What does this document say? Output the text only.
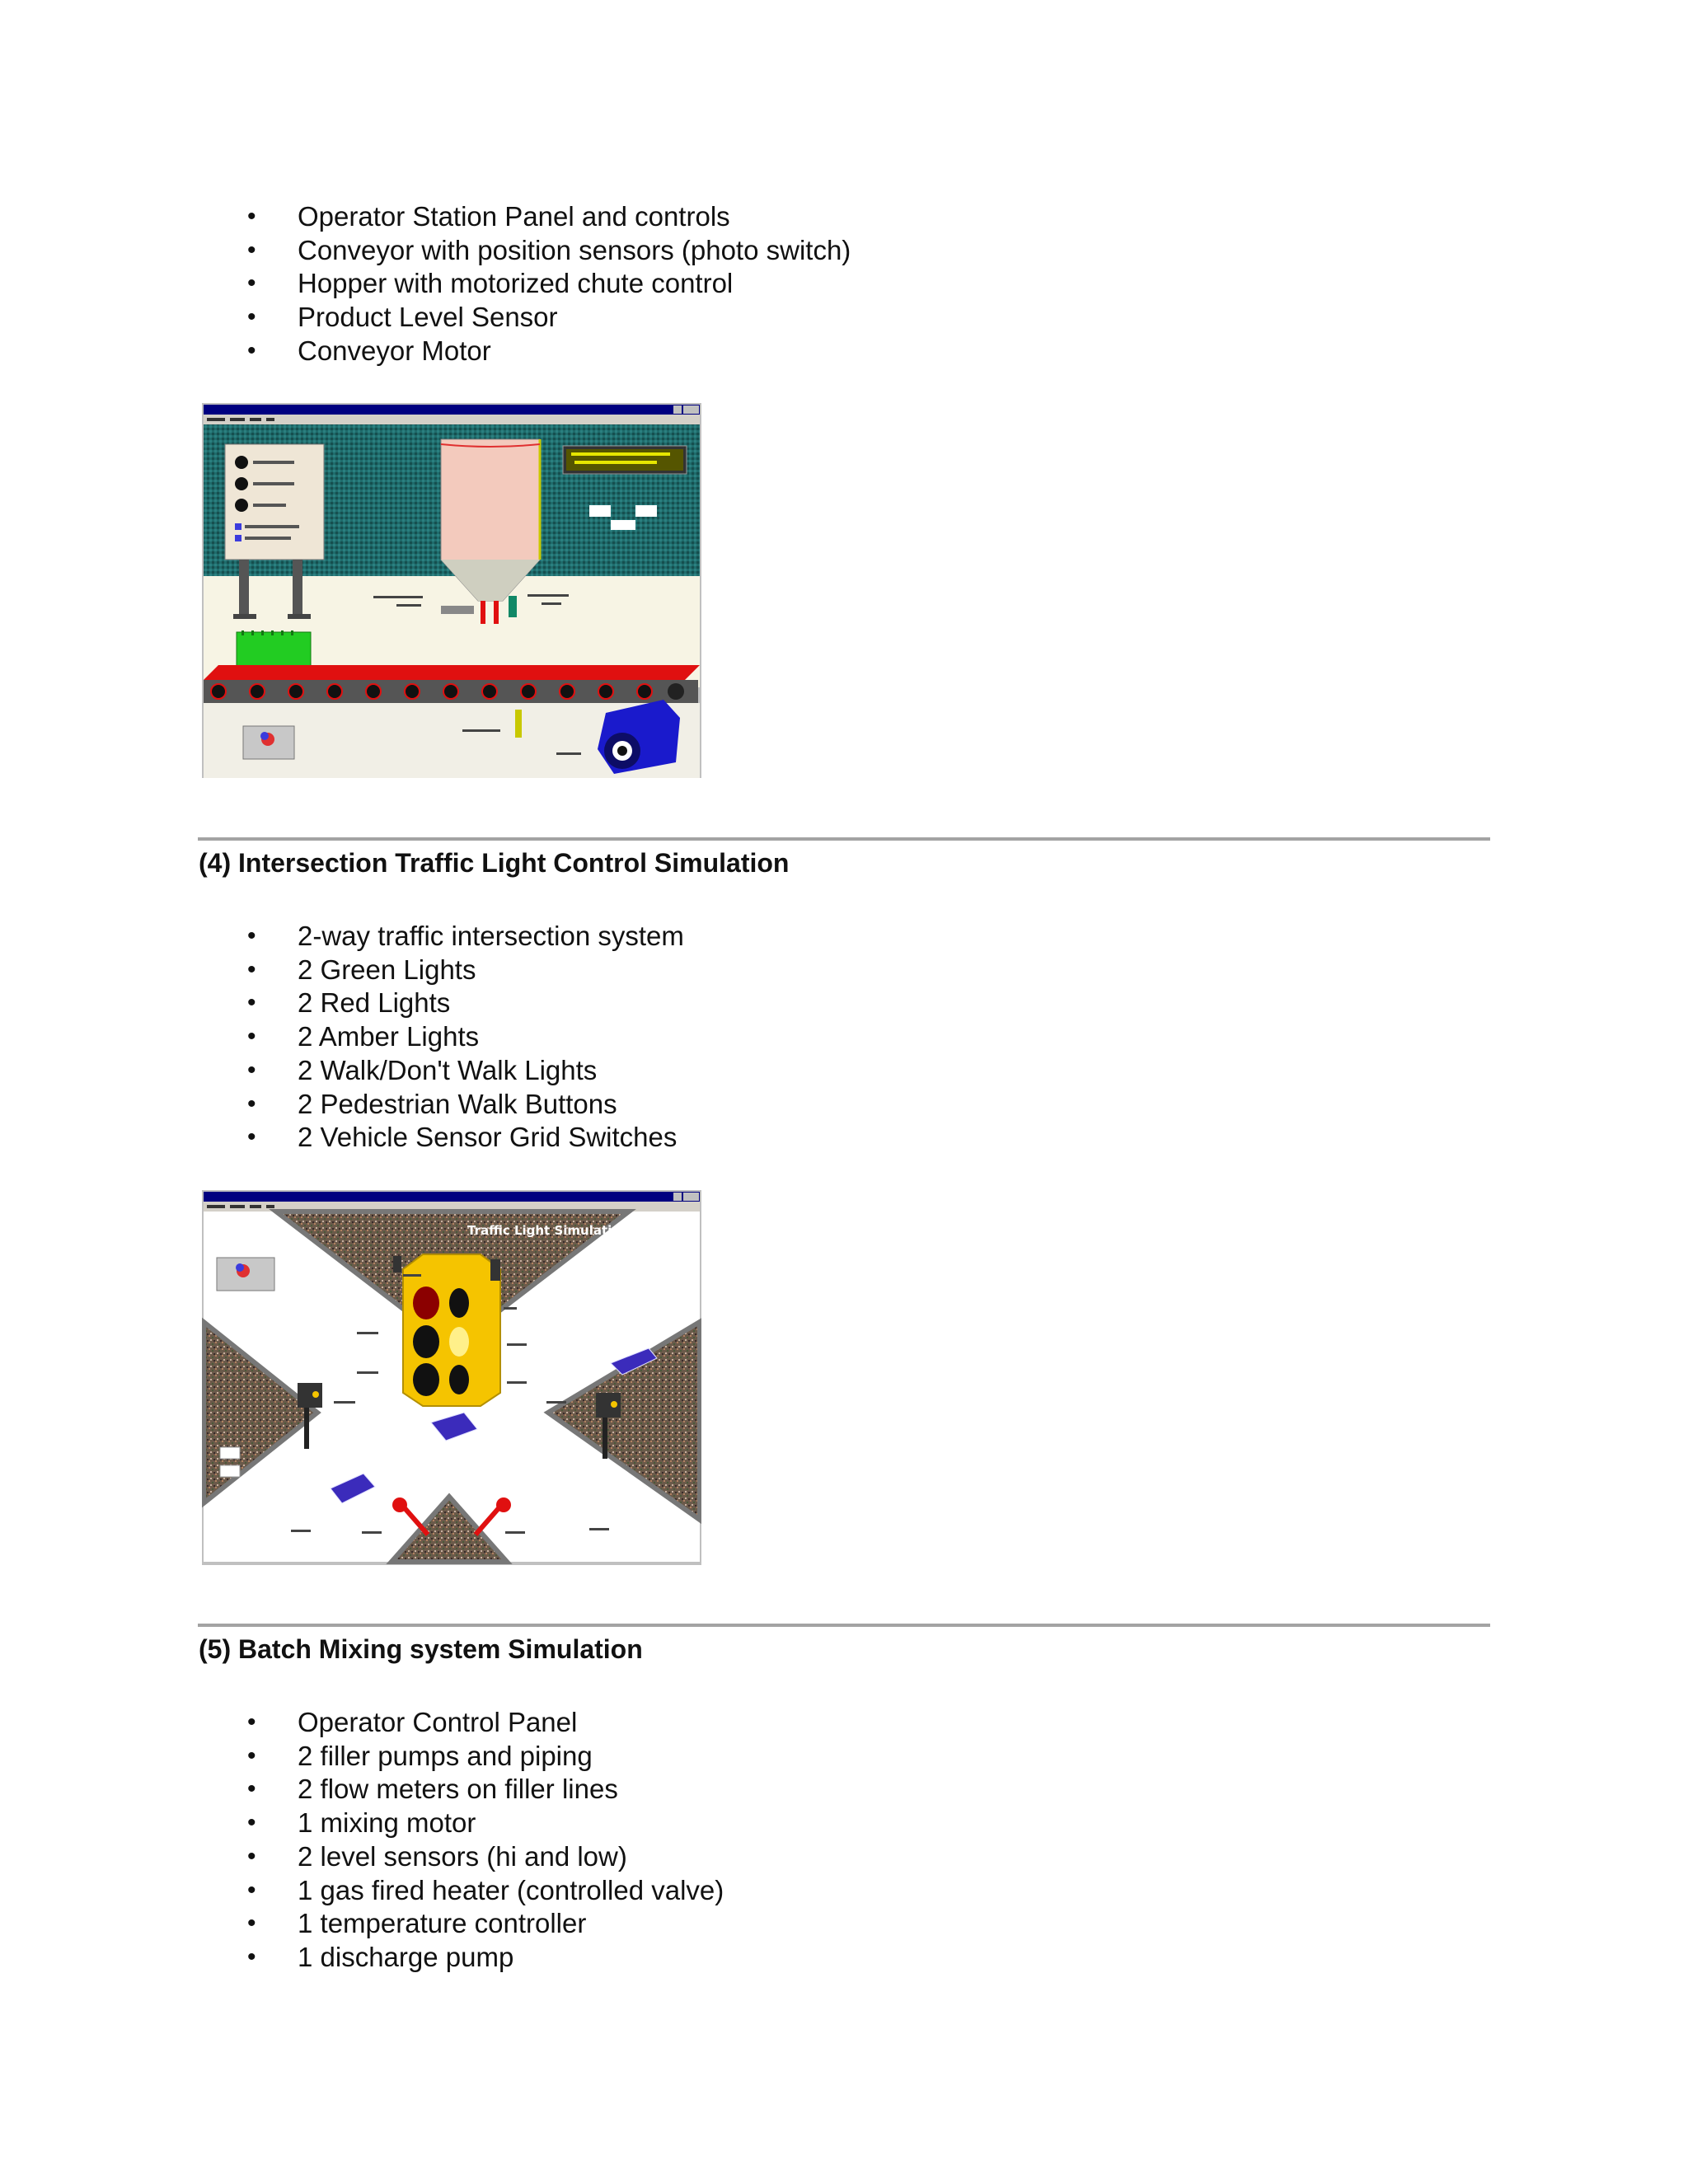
• Operator Station Panel and controls
• Conveyor with position sensors (photo switch)
• Hopper with motorized chute control
• Product Level Sensor
• Conveyor Motor
(4) Intersection Traffic Light Control Simulation
• 2-way traffic intersection system
• 2 Green Lights
• 2 Red Lights
• 2 Amber Lights
• 2 Walk/Don't Walk Lights
• 2 Pedestrian Walk Buttons
• 2 Vehicle Sensor Grid Switches
Traffic Light Simulation
(5) Batch Mixing system Simulation
• Operator Control Panel
• 2 filler pumps and piping
• 2 flow meters on filler lines
• 1 mixing motor
• 2 level sensors (hi and low)
• 1 gas fired heater (controlled valve)
• 1 temperature controller
• 1 discharge pump
